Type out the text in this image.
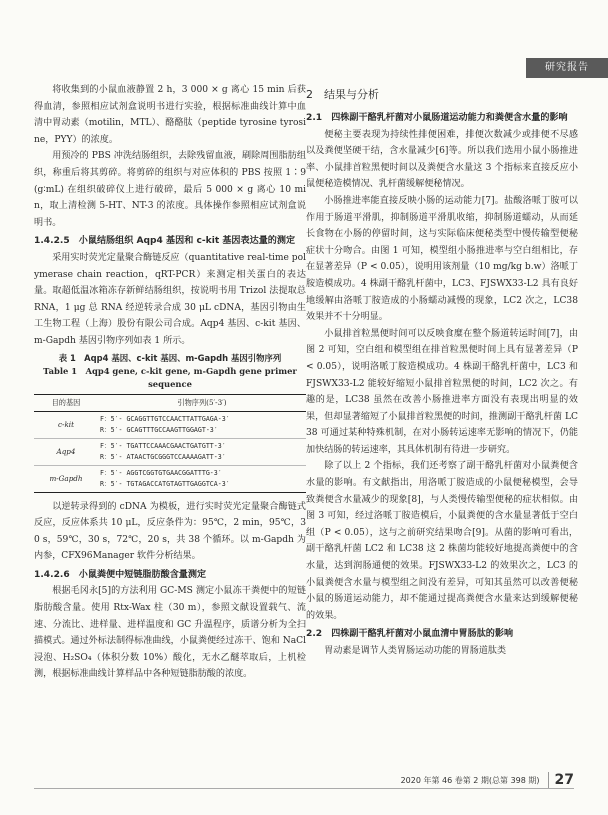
研究报告

将收集到的小鼠血液静置 2 h，3 000 × g 离心 15 min 后获得血清，参照相应试剂盒说明书进行实验，根据标准曲线计算中血清中胃动素（motilin，MTL）、酪酪肽（peptide tyrosine tyrosine，PYY）的浓度。

用预冷的 PBS 冲洗结肠组织，去除残留血液，刷除周围脂肪组织，称重后将其剪碎。将剪碎的组织与对应体积的 PBS 按照 1∶9(g∶mL) 在组织破碎仪上进行破碎，最后 5 000 × g 离心 10 min，取上清检测 5-HT、NT-3 的浓度。具体操作参照相应试剂盒说明书。

1.4.2.5　小鼠结肠组织 Aqp4 基因和 c-kit 基因表达量的测定

采用实时荧光定量聚合酶链反应（quantitative real-time polymerase chain reaction，qRT-PCR）来测定相关蛋白的表达量。取超低温冰箱冻存新鲜结肠组织，按说明书用 Trizol 法提取总 RNA，1 μg 总 RNA 经逆转录合成 30 μL cDNA，基因引物由生工生物工程（上海）股份有限公司合成。Aqp4 基因、c-kit 基因、m-Gapdh 基因引物序列如表 1 所示。

表 1　Aqp4 基因、c-kit 基因、m-Gapdh 基因引物序列
Table 1　Aqp4 gene, c-kit gene, m-Gapdh gene primer sequence
目的基因	引物序列(5′-3′)
c-kit	F：5′- GCAGGTTGTCCAACTTATTGAGA-3′
R：5′- GCAGTTTGCCAAGTTGGAGT-3′

Aqp4	F：5′- TGATTCCAAACGAACTGATGTT-3′
R：5′- ATAACTGCGGGTCCAAAAGATT-3′

m-Gapdh	F：5′- AGGTCGGTGTGAACGGATTTG-3′
R：5′- TGTAGACCATGTAGTTGAGGTCA-3′

以逆转录得到的 cDNA 为模板，进行实时荧光定量聚合酶链式反应，反应体系共 10 μL，反应条件为：95℃，2 min，95℃，30 s，59℃，30 s，72℃，20 s，共 38 个循环。以 m-Gapdh 为内参，CFX96Manager 软件分析结果。

1.4.2.6　小鼠粪便中短链脂肪酸含量测定

根据毛冈永[5]的方法利用 GC-MS 测定小鼠冻干粪便中的短链脂肪酸含量。使用 Rtx-Wax 柱（30 m），参照文献设置载气、流速、分流比、进样量、进样温度和 GC 升温程序，质谱分析为全扫描模式。通过外标法制得标准曲线，小鼠粪便经过冻干、饱和 NaCl 浸泡、H₂SO₄（体积分数 10%）酸化，无水乙醚萃取后，上机检测，根据标准曲线计算样品中各种短链脂肪酸的浓度。

2　结果与分析
2.1　四株副干酪乳杆菌对小鼠肠道运动能力和粪便含水量的影响

便秘主要表现为持续性排便困难，排便次数减少或排便不尽感以及粪便坚硬干结，含水量减少[6]等。所以我们选用小鼠小肠推进率、小鼠排首粒黑便时间以及粪便含水量这 3 个指标来直接反应小鼠便秘造模情况、乳杆菌缓解便秘情况。

小肠推进率能直接反映小肠的运动能力[7]。盐酸洛哌丁胺可以作用于肠道平滑肌，抑制肠道平滑肌收缩，抑制肠道蠕动，从而延长食物在小肠的停留时间，这与实际临床便秘类型中慢传输型便秘症状十分吻合。由图 1 可知，模型组小肠推进率与空白组相比，存在显著差异（P < 0.05），说明用该剂量（10 mg/kg b.w）洛哌丁胺造模成功。4 株副干酪乳杆菌中，LC3、FJSWX33-L2 具有良好地缓解由洛哌丁胺造成的小肠蠕动减慢的现象，LC2 次之，LC38 效果并不十分明显。

小鼠排首粒黑便时间可以反映食糜在整个肠道转运时间[7]，由图 2 可知，空白组和模型组在排首粒黑便时间上具有显著差异（P < 0.05），说明洛哌丁胺造模成功。4 株副干酪乳杆菌中，LC3 和 FJSWX33-L2 能较好缩短小鼠排首粒黑便的时间，LC2 次之。有趣的是，LC38 虽然在改善小肠推进率方面没有表现出明显的效果，但却显著缩短了小鼠排首粒黑便的时间，推测副干酪乳杆菌 LC38 可通过某种特殊机制，在对小肠转运速率无影响的情况下，仍能加快结肠的转运速率，其具体机制有待进一步研究。

除了以上 2 个指标，我们还考察了副干酪乳杆菌对小鼠粪便含水量的影响。有文献指出，用洛哌丁胺造成的小鼠便秘模型，会导致粪便含水量减少的现象[8]，与人类慢传输型便秘的症状相似。由图 3 可知，经过洛哌丁胺造模后，小鼠粪便的含水量显著低于空白组（P < 0.05），这与之前研究结果吻合[9]。从菌的影响可看出，副干酪乳杆菌 LC2 和 LC38 这 2 株菌均能较好地提高粪便中的含水量，达到润肠通便的效果。FJSWX33-L2 的效果次之，LC3 的小鼠粪便含水量与模型组之间没有差异，可知其虽然可以改善便秘小鼠的肠道运动能力，却不能通过提高粪便含水量来达到缓解便秘的效果。

2.2　四株副干酪乳杆菌对小鼠血清中胃肠肽的影响

胃动素是调节人类胃肠运动功能的胃肠道肽类

2020 年第 46 卷第 2 期(总第 398 期)	27
